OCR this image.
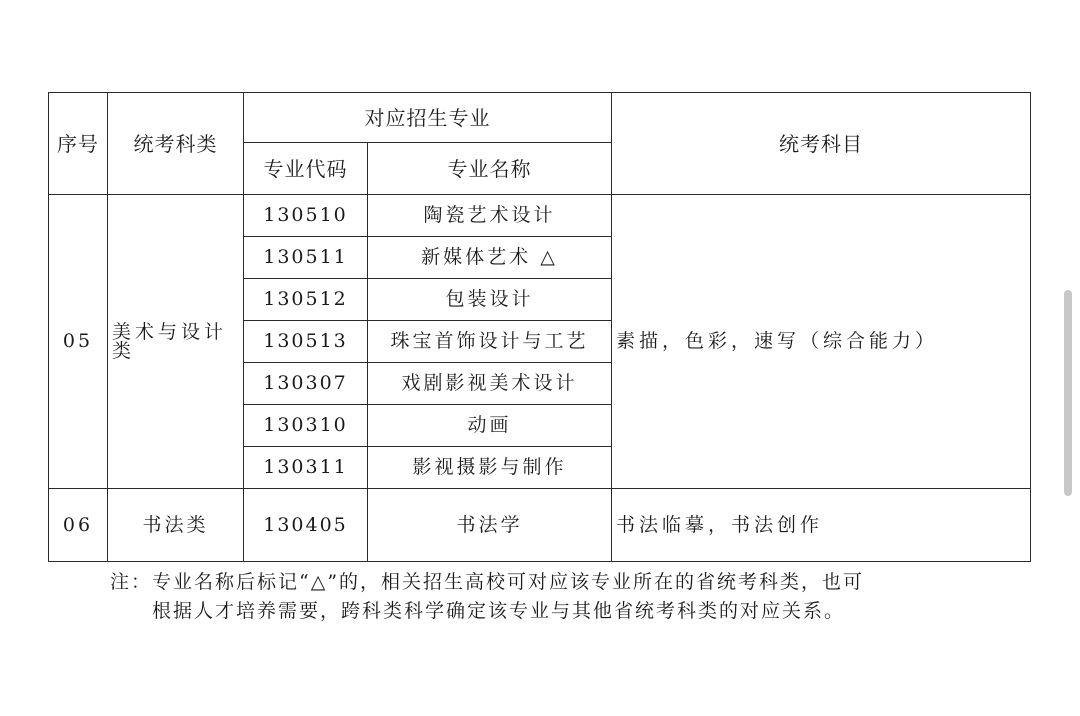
序号	统考科类	对应招生专业		统考科目
		专业代码	专业名称	
05	美术与设计类	130510	陶瓷艺术设计	素描，色彩，速写（综合能力）
		130511	新媒体艺术 △	
		130512	包装设计	
		130513	珠宝首饰设计与工艺	
		130307	戏剧影视美术设计	
		130310	动画	
		130311	影视摄影与制作	
06	书法类	130405	书法学	书法临摹，书法创作
注：专业名称后标记“△”的，相关招生高校可对应该专业所在的省统考科类，也可
根据人才培养需要，跨科类科学确定该专业与其他省统考科类的对应关系。
